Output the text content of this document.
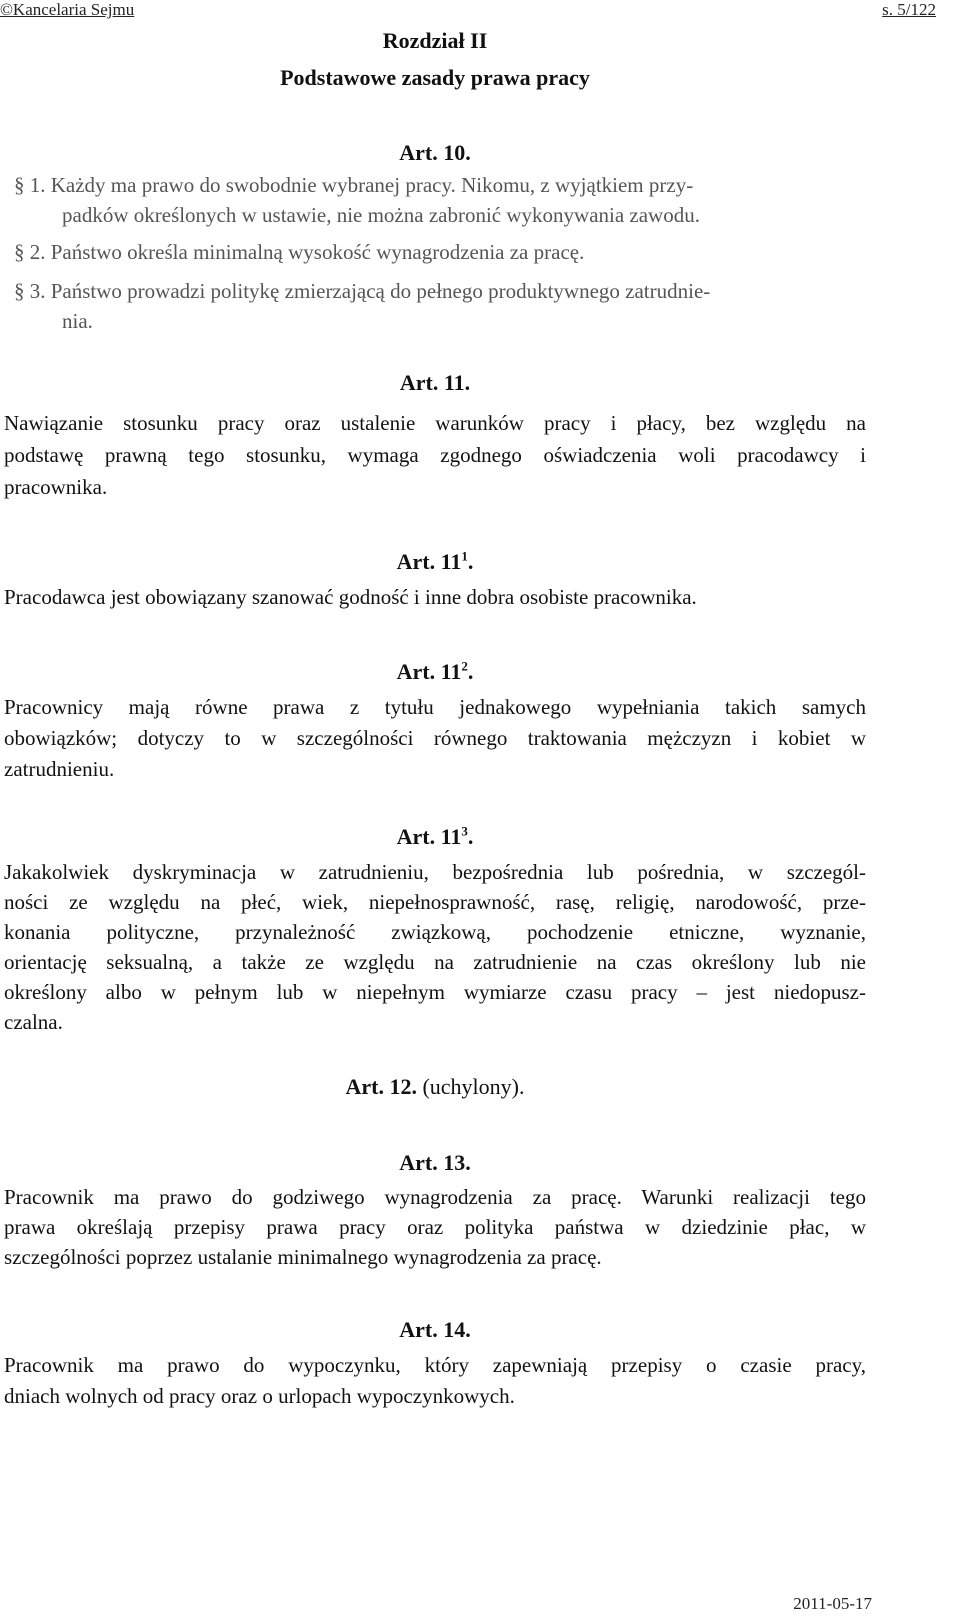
©Kancelaria Sejmu	s. 5/122
Rozdział II
Podstawowe zasady prawa pracy
Art. 10.
§ 1. Każdy ma prawo do swobodnie wybranej pracy. Nikomu, z wyjątkiem przy-
padków określonych w ustawie, nie można zabronić wykonywania zawodu.
§ 2. Państwo określa minimalną wysokość wynagrodzenia za pracę.
§ 3. Państwo prowadzi politykę zmierzającą do pełnego produktywnego zatrudnie-
nia.
Art. 11.
Nawiązanie stosunku pracy oraz ustalenie warunków pracy i płacy, bez względu na
podstawę prawną tego stosunku, wymaga zgodnego oświadczenia woli pracodawcy i
pracownika.
Art. $11^1$.
Pracodawca jest obowiązany szanować godność i inne dobra osobiste pracownika.
Art. $11^2$.
Pracownicy mają równe prawa z tytułu jednakowego wypełniania takich samych
obowiązków; dotyczy to w szczególności równego traktowania mężczyzn i kobiet w
zatrudnieniu.
Art. $11^3$.
Jakakolwiek dyskryminacja w zatrudnieniu, bezpośrednia lub pośrednia, w szczegól-
ności ze względu na płeć, wiek, niepełnosprawność, rasę, religię, narodowość, prze-
konania polityczne, przynależność związkową, pochodzenie etniczne, wyznanie,
orientację seksualną, a także ze względu na zatrudnienie na czas określony lub nie
określony albo w pełnym lub w niepełnym wymiarze czasu pracy – jest niedopusz-
czalna.
Art. 12. (uchylony).
Art. 13.
Pracownik ma prawo do godziwego wynagrodzenia za pracę. Warunki realizacji tego
prawa określają przepisy prawa pracy oraz polityka państwa w dziedzinie płac, w
szczególności poprzez ustalanie minimalnego wynagrodzenia za pracę.
Art. 14.
Pracownik ma prawo do wypoczynku, który zapewniają przepisy o czasie pracy,
dniach wolnych od pracy oraz o urlopach wypoczynkowych.
2011-05-17
